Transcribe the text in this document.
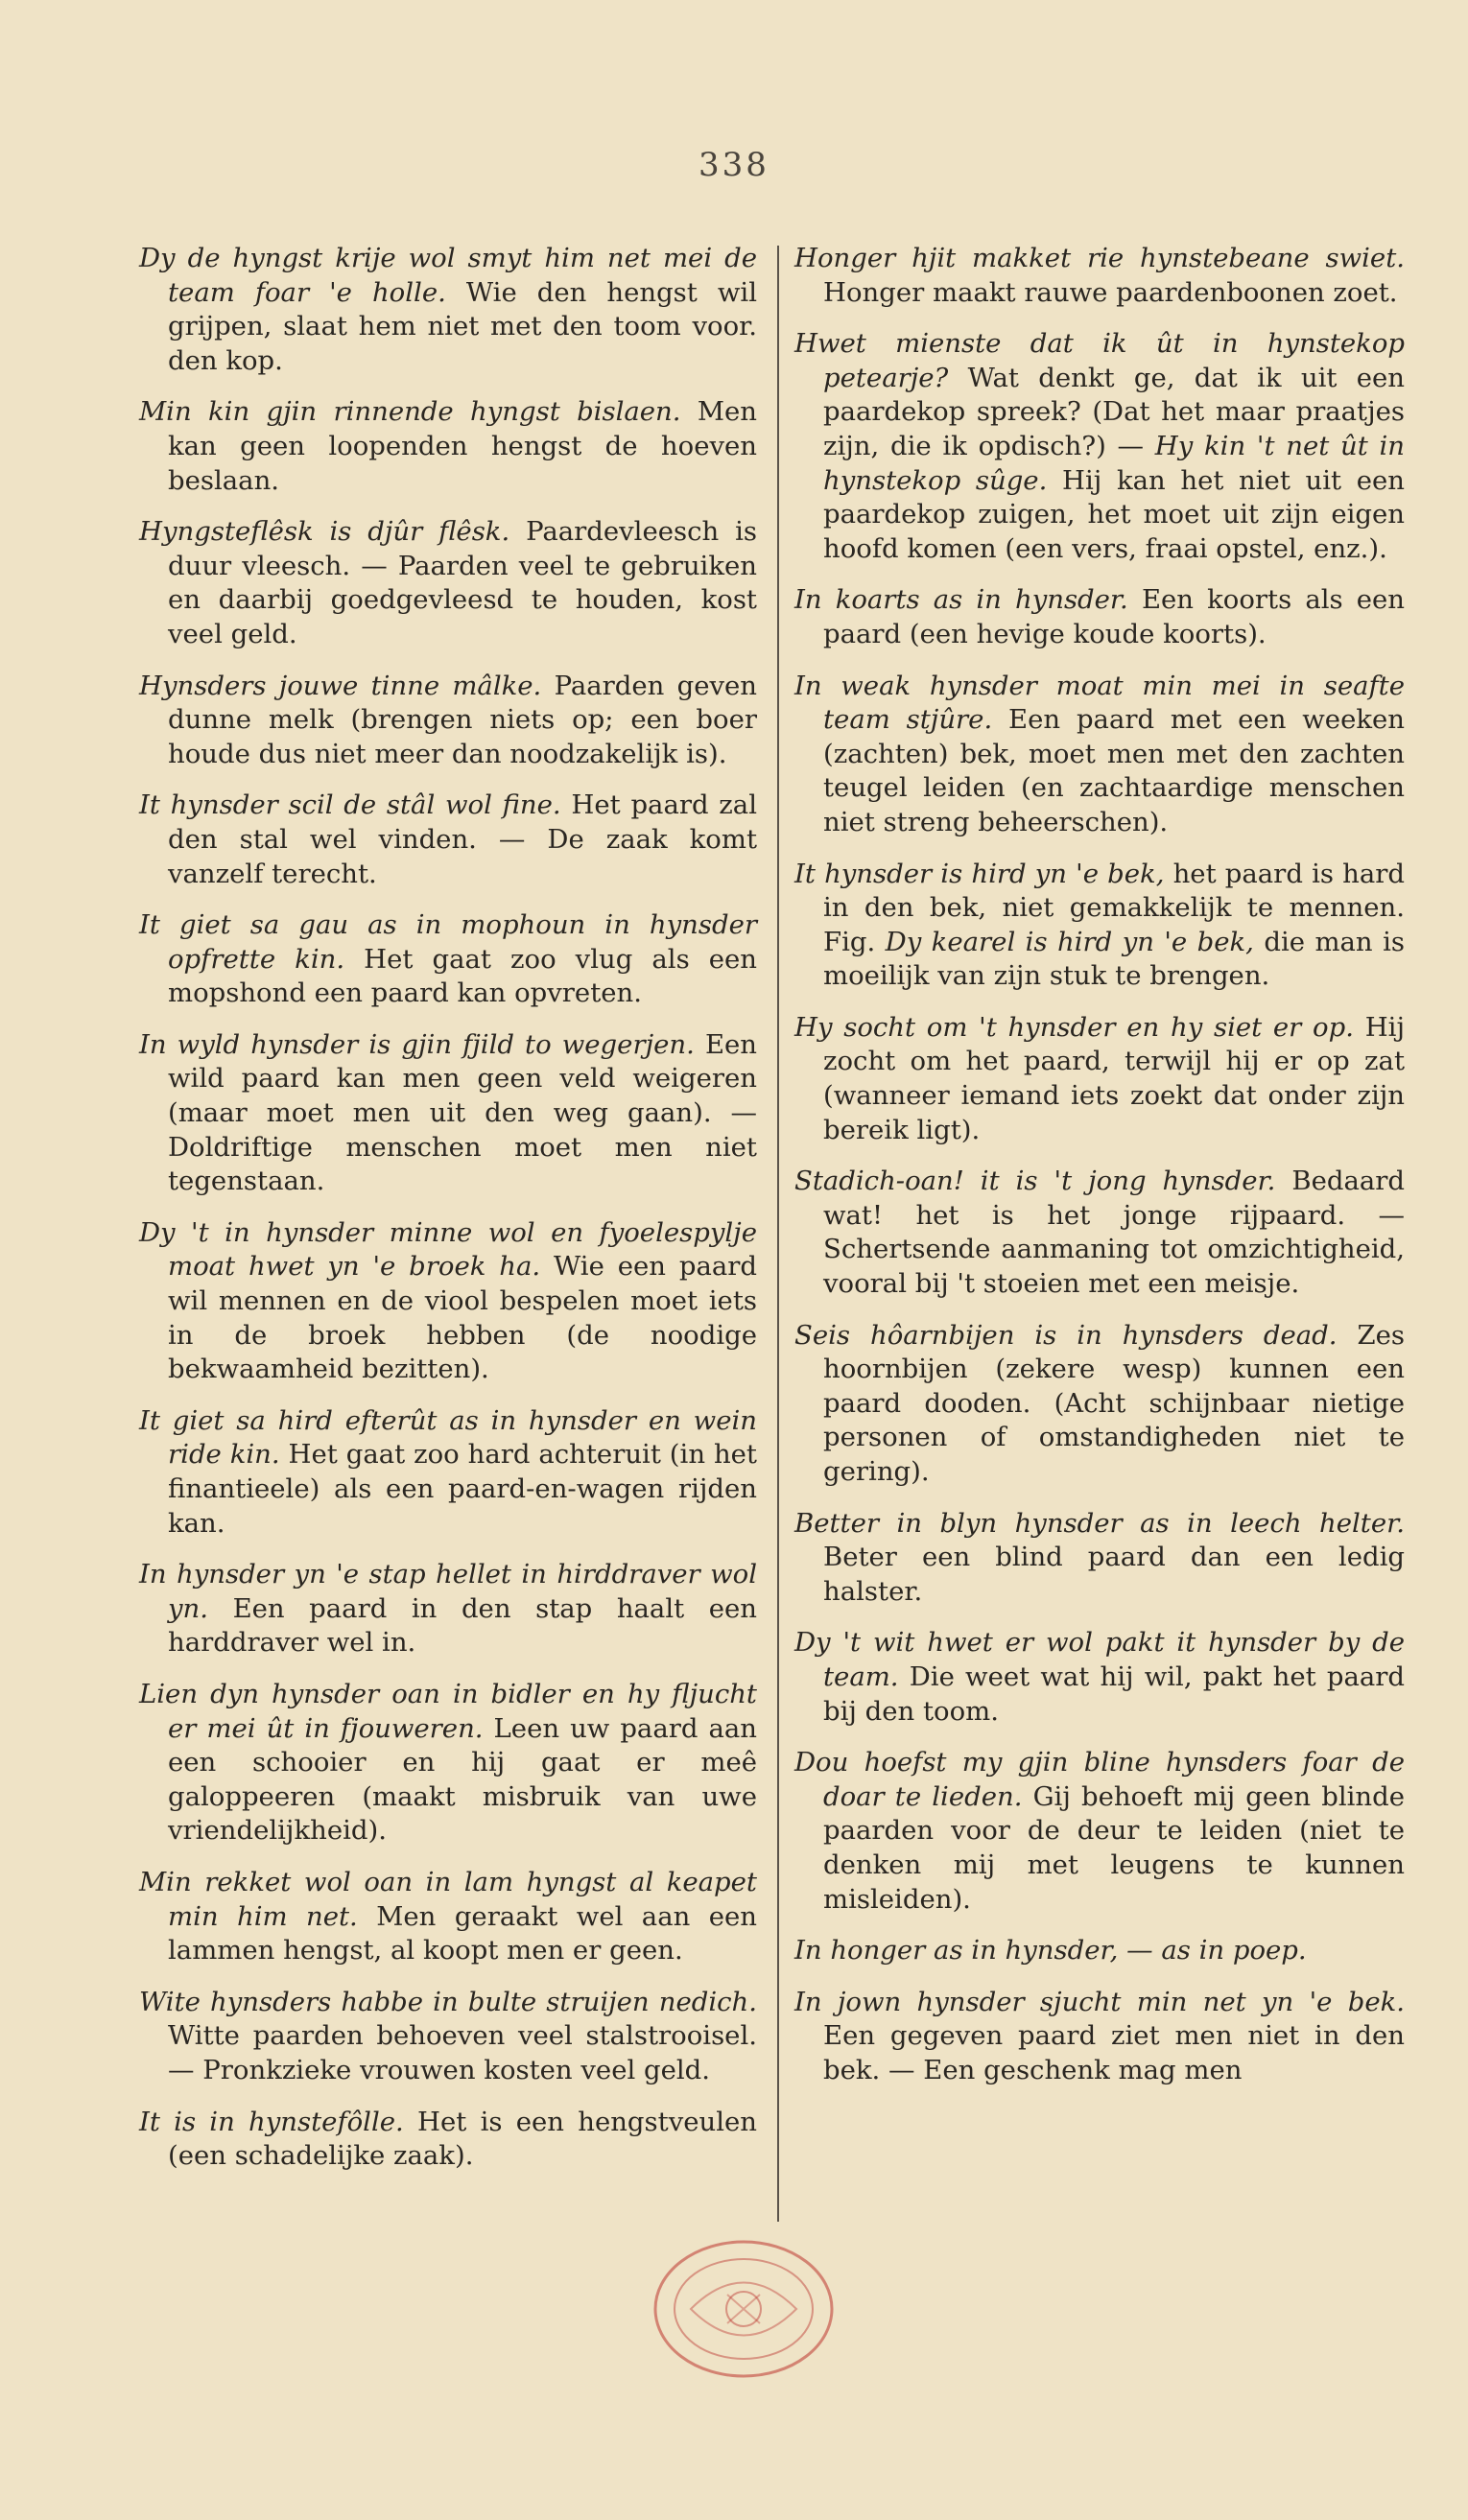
338

Dy de hyngst krije wol smyt him net mei de team foar 'e holle. Wie den hengst wil grijpen, slaat hem niet met den toom voor. den kop.

Min kin gjin rinnende hyngst bislaen. Men kan geen loopenden hengst de hoeven beslaan.

Hyngsteflêsk is djûr flêsk. Paardevleesch is duur vleesch. — Paarden veel te gebruiken en daarbij goedgevleesd te houden, kost veel geld.

Hynsders jouwe tinne mâlke. Paarden geven dunne melk (brengen niets op; een boer houde dus niet meer dan noodzakelijk is).

It hynsder scil de stâl wol fine. Het paard zal den stal wel vinden. — De zaak komt vanzelf terecht.

It giet sa gau as in mophoun in hynsder opfrette kin. Het gaat zoo vlug als een mopshond een paard kan opvreten.

In wyld hynsder is gjin fjild to wegerjen. Een wild paard kan men geen veld weigeren (maar moet men uit den weg gaan). — Doldriftige menschen moet men niet tegenstaan.

Dy 't in hynsder minne wol en fyoelespylje moat hwet yn 'e broek ha. Wie een paard wil mennen en de viool bespelen moet iets in de broek hebben (de noodige bekwaamheid bezitten).

It giet sa hird efterût as in hynsder en wein ride kin. Het gaat zoo hard achteruit (in het finantieele) als een paard-en-wagen rijden kan.

In hynsder yn 'e stap hellet in hirddraver wol yn. Een paard in den stap haalt een harddraver wel in.

Lien dyn hynsder oan in bidler en hy fljucht er mei ût in fjouweren. Leen uw paard aan een schooier en hij gaat er meê galoppeeren (maakt misbruik van uwe vriendelijkheid).

Min rekket wol oan in lam hyngst al keapet min him net. Men geraakt wel aan een lammen hengst, al koopt men er geen.

Wite hynsders habbe in bulte struijen nedich. Witte paarden behoeven veel stalstrooisel. — Pronkzieke vrouwen kosten veel geld.

It is in hynstefôlle. Het is een hengstveulen (een schadelijke zaak).

Honger hjit makket rie hynstebeane swiet. Honger maakt rauwe paardenboonen zoet.

Hwet mienste dat ik ût in hynstekop petearje? Wat denkt ge, dat ik uit een paardekop spreek? (Dat het maar praatjes zijn, die ik opdisch?) — Hy kin 't net ût in hynstekop sûge. Hij kan het niet uit een paardekop zuigen, het moet uit zijn eigen hoofd komen (een vers, fraai opstel, enz.).

In koarts as in hynsder. Een koorts als een paard (een hevige koude koorts).

In weak hynsder moat min mei in seafte team stjûre. Een paard met een weeken (zachten) bek, moet men met den zachten teugel leiden (en zachtaardige menschen niet streng beheerschen).

It hynsder is hird yn 'e bek, het paard is hard in den bek, niet gemakkelijk te mennen. Fig. Dy kearel is hird yn 'e bek, die man is moeilijk van zijn stuk te brengen.

Hy socht om 't hynsder en hy siet er op. Hij zocht om het paard, terwijl hij er op zat (wanneer iemand iets zoekt dat onder zijn bereik ligt).

Stadich-oan! it is 't jong hynsder. Bedaard wat! het is het jonge rijpaard. — Schertsende aanmaning tot omzichtigheid, vooral bij 't stoeien met een meisje.

Seis hôarnbijen is in hynsders dead. Zes hoornbijen (zekere wesp) kunnen een paard dooden. (Acht schijnbaar nietige personen of omstandigheden niet te gering).

Better in blyn hynsder as in leech helter. Beter een blind paard dan een ledig halster.

Dy 't wit hwet er wol pakt it hynsder by de team. Die weet wat hij wil, pakt het paard bij den toom.

Dou hoefst my gjin bline hynsders foar de doar te lieden. Gij behoeft mij geen blinde paarden voor de deur te leiden (niet te denken mij met leugens te kunnen misleiden).

In honger as in hynsder, — as in poep.

In jown hynsder sjucht min net yn 'e bek. Een gegeven paard ziet men niet in den bek. — Een geschenk mag men
